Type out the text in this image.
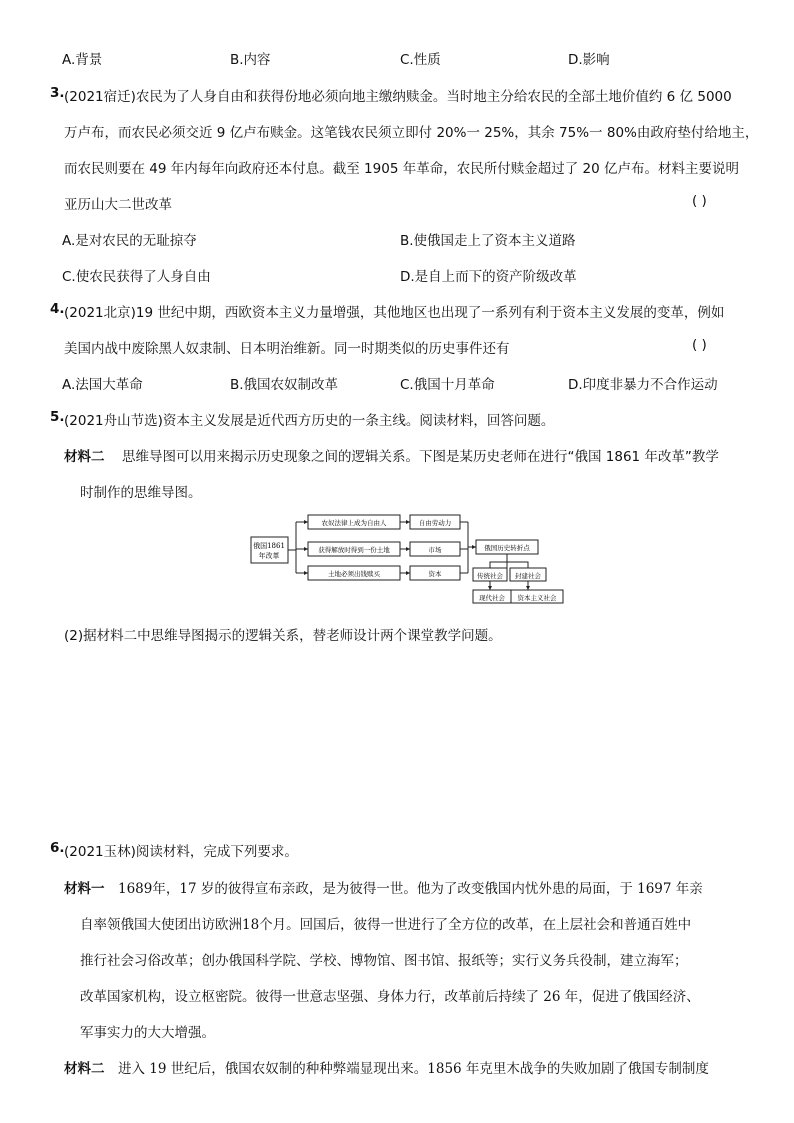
A.背景	B.内容	C.性质	D.影响
3. (2021宿迁)农民为了人身自由和获得份地必须向地主缴纳赎金。当时地主分给农民的全部土地价值约 6 亿 5000
万卢布，而农民必须交近 9 亿卢布赎金。这笔钱农民须立即付 20%一 25%，其余 75%一 80%由政府垫付给地主，
而农民则要在 49 年内每年向政府还本付息。截至 1905 年革命，农民所付赎金超过了 20 亿卢布。材料主要说明
亚历山大二世改革	( )
A.是对农民的无耻掠夺	B.使俄国走上了资本主义道路
C.使农民获得了人身自由	D.是自上而下的资产阶级改革
4. (2021北京)19 世纪中期，西欧资本主义力量增强，其他地区也出现了一系列有利于资本主义发展的变革，例如
美国内战中废除黑人奴隶制、日本明治维新。同一时期类似的历史事件还有	( )
A.法国大革命	B.俄国农奴制改革	C.俄国十月革命	D.印度非暴力不合作运动
5. (2021舟山节选)资本主义发展是近代西方历史的一条主线。阅读材料，回答问题。
材料二 思维导图可以用来揭示历史现象之间的逻辑关系。下图是某历史老师在进行“俄国 1861 年改革”教学
时制作的思维导图。
俄国1861
年改革
农奴法律上成为自由人
获得解放时得到一份土地
土地必须出钱赎买
自由劳动力
市场
资本
俄国历史转折点
传统社会 封建社会
现代社会 资本主义社会
(2)据材料二中思维导图揭示的逻辑关系，替老师设计两个课堂教学问题。
6. (2021玉林)阅读材料，完成下列要求。
材料一 1689年，17 岁的彼得宣布亲政，是为彼得一世。他为了改变俄国内忧外患的局面，于 1697 年亲
自率领俄国大使团出访欧洲18个月。回国后，彼得一世进行了全方位的改革，在上层社会和普通百姓中
推行社会习俗改革；创办俄国科学院、学校、博物馆、图书馆、报纸等；实行义务兵役制，建立海军；
改革国家机构，设立枢密院。彼得一世意志坚强、身体力行，改革前后持续了 26 年，促进了俄国经济、
军事实力的大大增强。
材料二 进入 19 世纪后，俄国农奴制的种种弊端显现出来。1856 年克里木战争的失败加剧了俄国专制制度
